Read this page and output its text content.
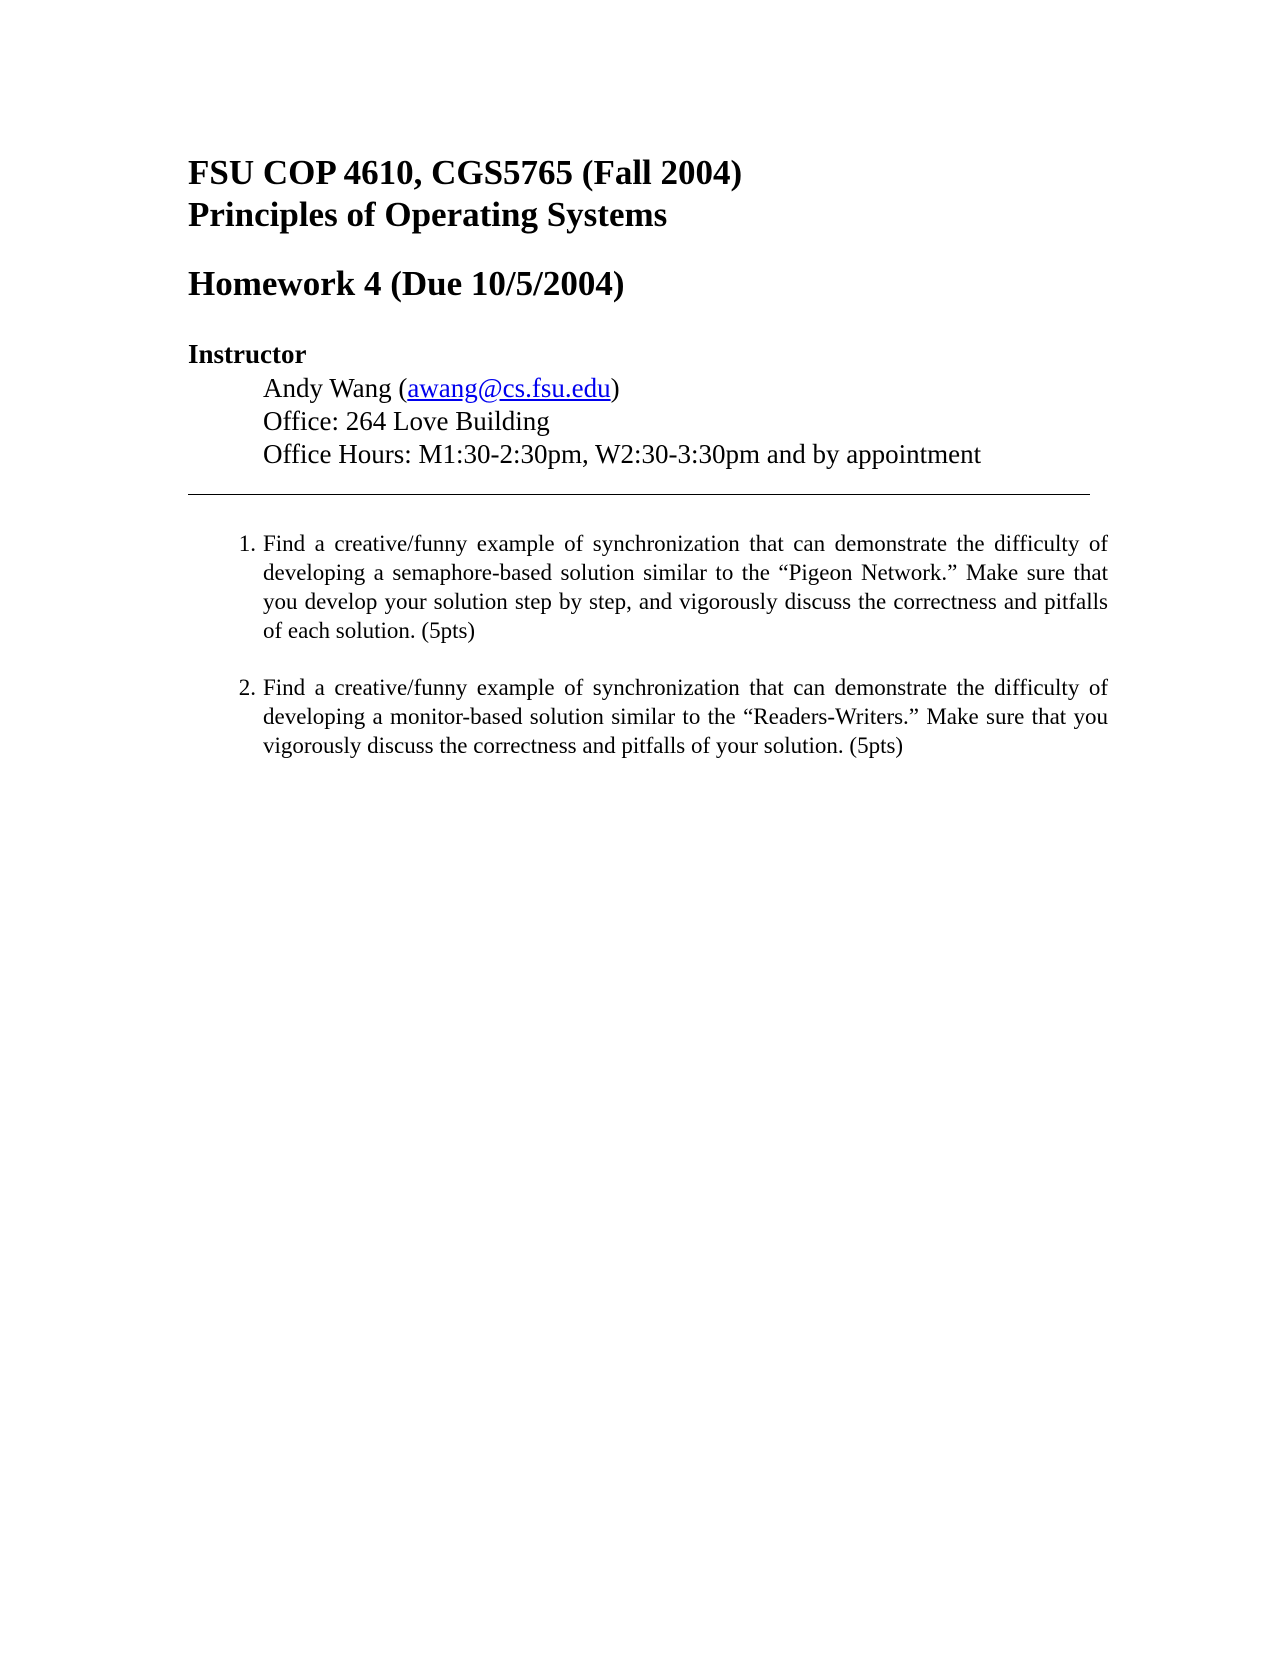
FSU COP 4610, CGS5765 (Fall 2004)
Principles of Operating Systems
Homework 4 (Due 10/5/2004)
Instructor
Andy Wang (awang@cs.fsu.edu)
Office: 264 Love Building
Office Hours: M1:30-2:30pm, W2:30-3:30pm and by appointment
1. Find a creative/funny example of synchronization that can demonstrate the difficulty of developing a semaphore-based solution similar to the “Pigeon Network.” Make sure that you develop your solution step by step, and vigorously discuss the correctness and pitfalls of each solution. (5pts)
2. Find a creative/funny example of synchronization that can demonstrate the difficulty of developing a monitor-based solution similar to the “Readers-Writers.” Make sure that you vigorously discuss the correctness and pitfalls of your solution. (5pts)
